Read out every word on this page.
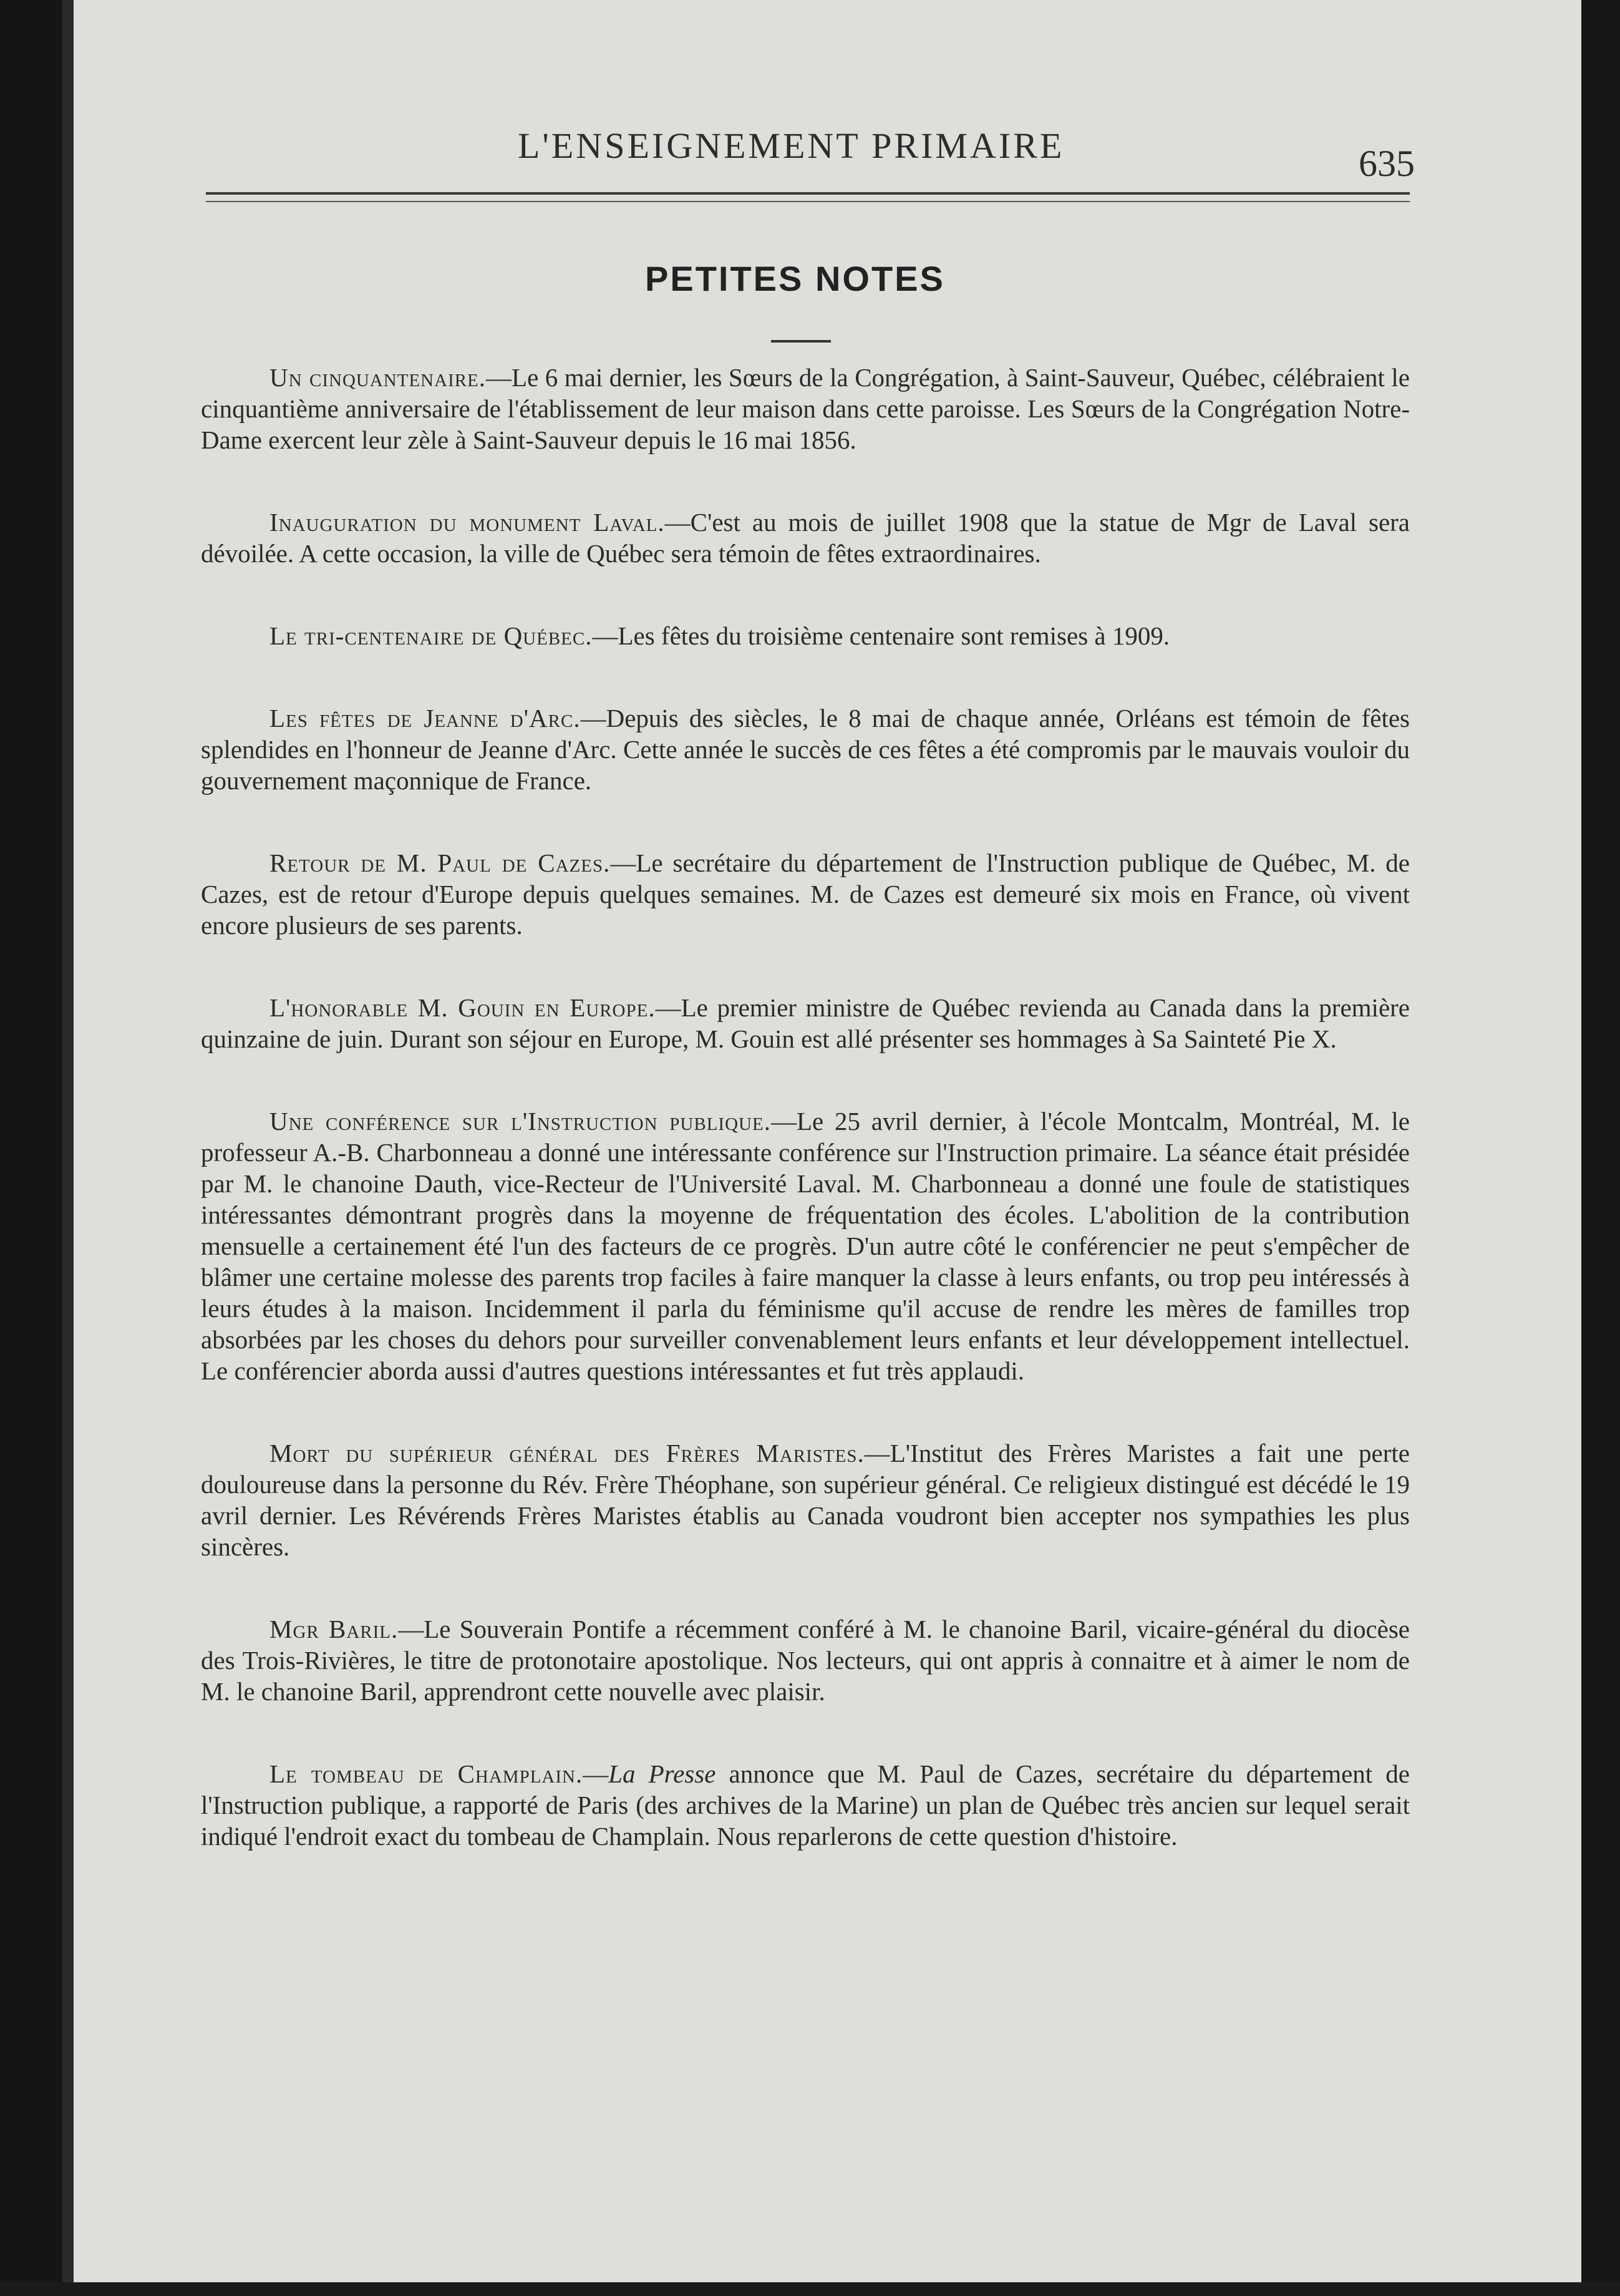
L'ENSEIGNEMENT PRIMAIRE	635
PETITES NOTES

Un cinquantenaire.—Le 6 mai dernier, les Sœurs de la Congrégation, à Saint-Sauveur, Québec, célébraient le cinquantième anniversaire de l'établissement de leur maison dans cette paroisse. Les Sœurs de la Congrégation Notre-Dame exercent leur zèle à Saint-Sauveur depuis le 16 mai 1856.

Inauguration du monument Laval.—C'est au mois de juillet 1908 que la statue de Mgr de Laval sera dévoilée. A cette occasion, la ville de Québec sera témoin de fêtes extraordinaires.

Le tri-centenaire de Québec.—Les fêtes du troisième centenaire sont remises à 1909.

Les fêtes de Jeanne d'Arc.—Depuis des siècles, le 8 mai de chaque année, Orléans est témoin de fêtes splendides en l'honneur de Jeanne d'Arc. Cette année le succès de ces fêtes a été compromis par le mauvais vouloir du gouvernement maçonnique de France.

Retour de M. Paul de Cazes.—Le secrétaire du département de l'Instruction publique de Québec, M. de Cazes, est de retour d'Europe depuis quelques semaines. M. de Cazes est demeuré six mois en France, où vivent encore plusieurs de ses parents.

L'honorable M. Gouin en Europe.—Le premier ministre de Québec revienda au Canada dans la première quinzaine de juin. Durant son séjour en Europe, M. Gouin est allé présenter ses hommages à Sa Sainteté Pie X.

Une conférence sur l'Instruction publique.—Le 25 avril dernier, à l'école Montcalm, Montréal, M. le professeur A.-B. Charbonneau a donné une intéressante conférence sur l'Instruction primaire. La séance était présidée par M. le chanoine Dauth, vice-Recteur de l'Université Laval. M. Charbonneau a donné une foule de statistiques intéressantes démontrant progrès dans la moyenne de fréquentation des écoles. L'abolition de la contribution mensuelle a certainement été l'un des facteurs de ce progrès. D'un autre côté le conférencier ne peut s'empêcher de blâmer une certaine molesse des parents trop faciles à faire manquer la classe à leurs enfants, ou trop peu intéressés à leurs études à la maison. Incidemment il parla du féminisme qu'il accuse de rendre les mères de familles trop absorbées par les choses du dehors pour surveiller convenablement leurs enfants et leur développement intellectuel. Le conférencier aborda aussi d'autres questions intéressantes et fut très applaudi.

Mort du supérieur général des Frères Maristes.—L'Institut des Frères Maristes a fait une perte douloureuse dans la personne du Rév. Frère Théophane, son supérieur général. Ce religieux distingué est décédé le 19 avril dernier. Les Révérends Frères Maristes établis au Canada voudront bien accepter nos sympathies les plus sincères.

Mgr Baril.—Le Souverain Pontife a récemment conféré à M. le chanoine Baril, vicaire-général du diocèse des Trois-Rivières, le titre de protonotaire apostolique. Nos lecteurs, qui ont appris à connaitre et à aimer le nom de M. le chanoine Baril, apprendront cette nouvelle avec plaisir.

Le tombeau de Champlain.—La Presse annonce que M. Paul de Cazes, secrétaire du département de l'Instruction publique, a rapporté de Paris (des archives de la Marine) un plan de Québec très ancien sur lequel serait indiqué l'endroit exact du tombeau de Champlain. Nous reparlerons de cette question d'histoire.
